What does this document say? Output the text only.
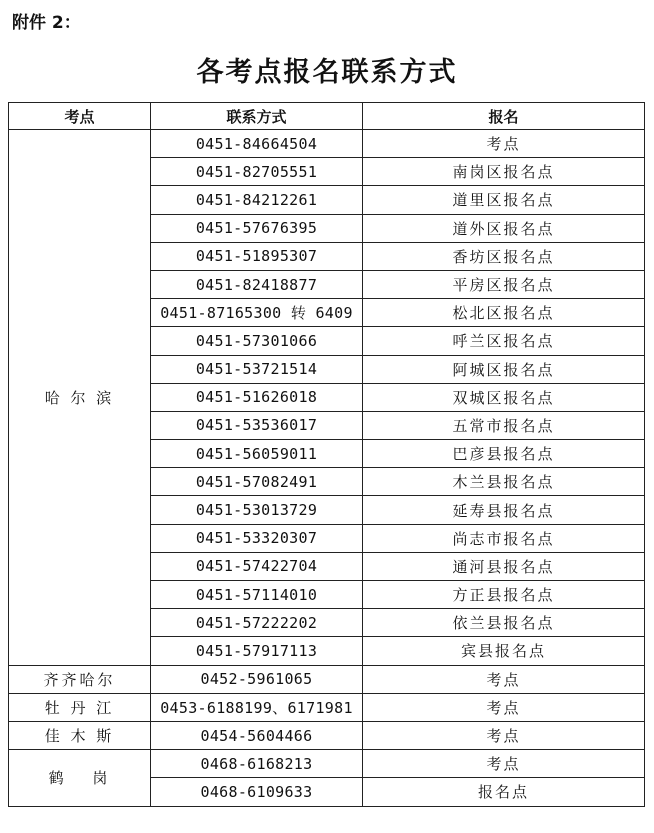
附件 2：
各考点报名联系方式
考点	联系方式	报名
哈 尔 滨	0451-84664504	考点
	0451-82705551	南岗区报名点
	0451-84212261	道里区报名点
	0451-57676395	道外区报名点
	0451-51895307	香坊区报名点
	0451-82418877	平房区报名点
	0451-87165300 转 6409	松北区报名点
	0451-57301066	呼兰区报名点
	0451-53721514	阿城区报名点
	0451-51626018	双城区报名点
	0451-53536017	五常市报名点
	0451-56059011	巴彦县报名点
	0451-57082491	木兰县报名点
	0451-53013729	延寿县报名点
	0451-53320307	尚志市报名点
	0451-57422704	通河县报名点
	0451-57114010	方正县报名点
	0451-57222202	依兰县报名点
	0451-57917113	宾县报名点
齐齐哈尔	0452-5961065	考点
牡 丹 江	0453-6188199、6171981	考点
佳 木 斯	0454-5604466	考点
鹤　 岗	0468-6168213	考点
	0468-6109633	报名点
